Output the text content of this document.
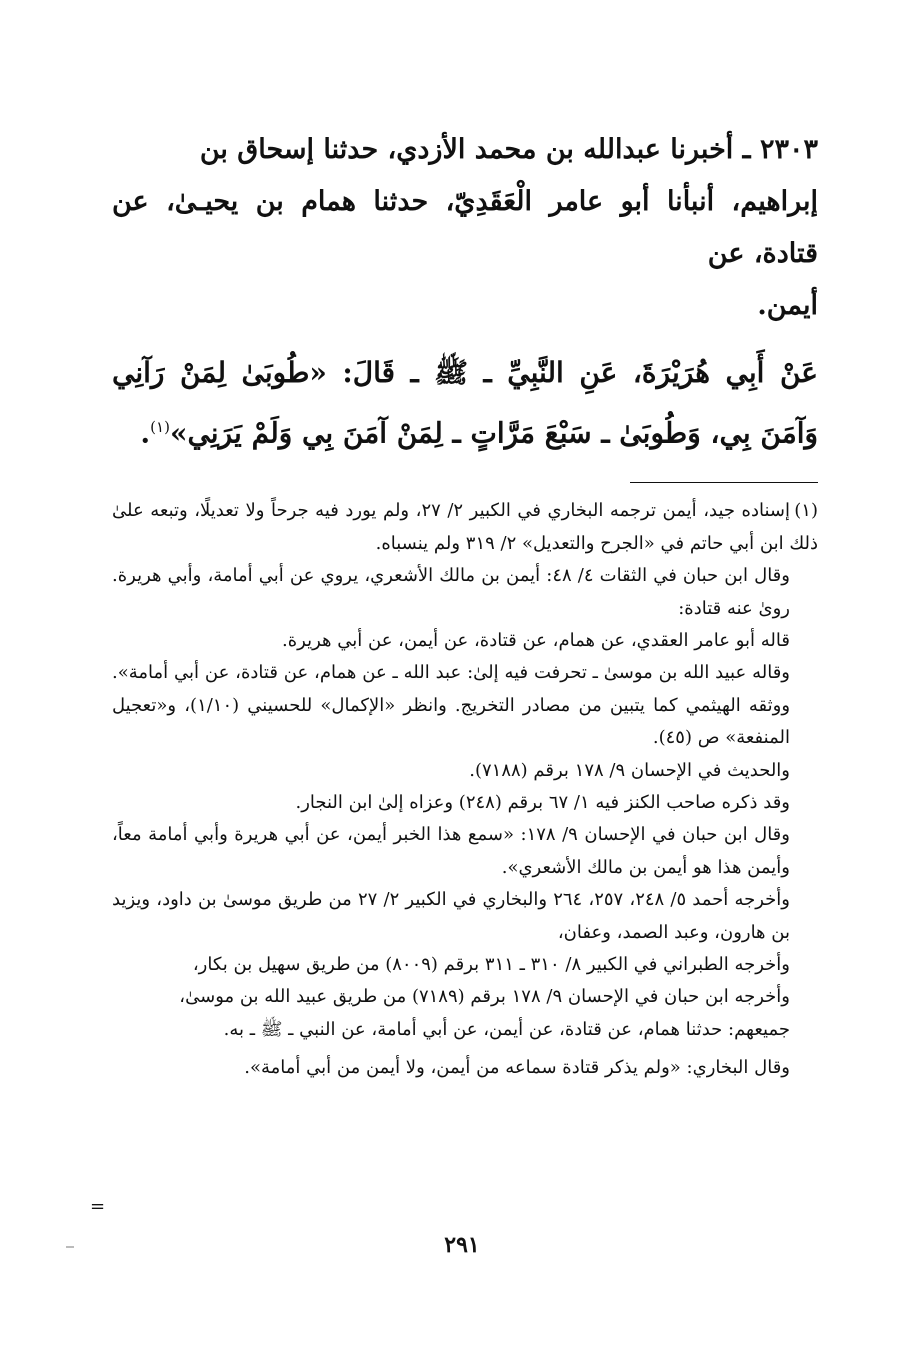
٢٣٠٣ ـ أخبرنا عبدالله بن محمد الأزدي، حدثنا إسحاق بن

إبراهيم، أنبأنا أبو عامر الْعَقَدِيّ، حدثنا همام بن يحيـىٰ، عن قتادة، عن

أيمن.

عَنْ أَبِي هُرَيْرَةَ، عَنِ النَّبِيِّ ـ ﷺ ـ قَالَ: «طُوبَىٰ لِمَنْ رَآنِي وَآمَنَ بِي، وَطُوبَىٰ ـ سَبْعَ مَرَّاتٍ ـ لِمَنْ آمَنَ بِي وَلَمْ يَرَنِي»$^{(١)}$.

(١)إسناده جيد، أيمن ترجمه البخاري في الكبير ٢/ ٢٧، ولم يورد فيه جرحاً ولا تعديلًا، وتبعه علىٰ ذلك ابن أبي حاتم في «الجرح والتعديل» ٢/ ٣١٩ ولم ينسباه.

وقال ابن حبان في الثقات ٤/ ٤٨: أيمن بن مالك الأشعري، يروي عن أبي أمامة، وأبي هريرة. روىٰ عنه قتادة:

قاله أبو عامر العقدي، عن همام، عن قتادة، عن أيمن، عن أبي هريرة.

وقاله عبيد الله بن موسىٰ ـ تحرفت فيه إلىٰ: عبد الله ـ عن همام، عن قتادة، عن أبي أمامة». ووثقه الهيثمي كما يتبين من مصادر التخريج. وانظر «الإكمال» للحسيني (١/١٠)، و«تعجيل المنفعة» ص (٤٥).

والحديث في الإحسان ٩/ ١٧٨ برقم (٧١٨٨).

وقد ذكره صاحب الكنز فيه ١/ ٦٧ برقم (٢٤٨) وعزاه إلىٰ ابن النجار.

وقال ابن حبان في الإحسان ٩/ ١٧٨: «سمع هذا الخبر أيمن، عن أبي هريرة وأبي أمامة معاً، وأيمن هذا هو أيمن بن مالك الأشعري».

وأخرجه أحمد ٥/ ٢٤٨، ٢٥٧، ٢٦٤ والبخاري في الكبير ٢/ ٢٧ من طريق موسىٰ بن داود، ويزيد بن هارون، وعبد الصمد، وعفان،

وأخرجه الطبراني في الكبير ٨/ ٣١٠ ـ ٣١١ برقم (٨٠٠٩) من طريق سهيل بن بكار،

وأخرجه ابن حبان في الإحسان ٩/ ١٧٨ برقم (٧١٨٩) من طريق عبيد الله بن موسىٰ،

جميعهم: حدثنا همام، عن قتادة، عن أيمن، عن أبي أمامة، عن النبي ـ ﷺ ـ به.

وقال البخاري: «ولم يذكر قتادة سماعه من أيمن، ولا أيمن من أبي أمامة».

=
٢٩١
